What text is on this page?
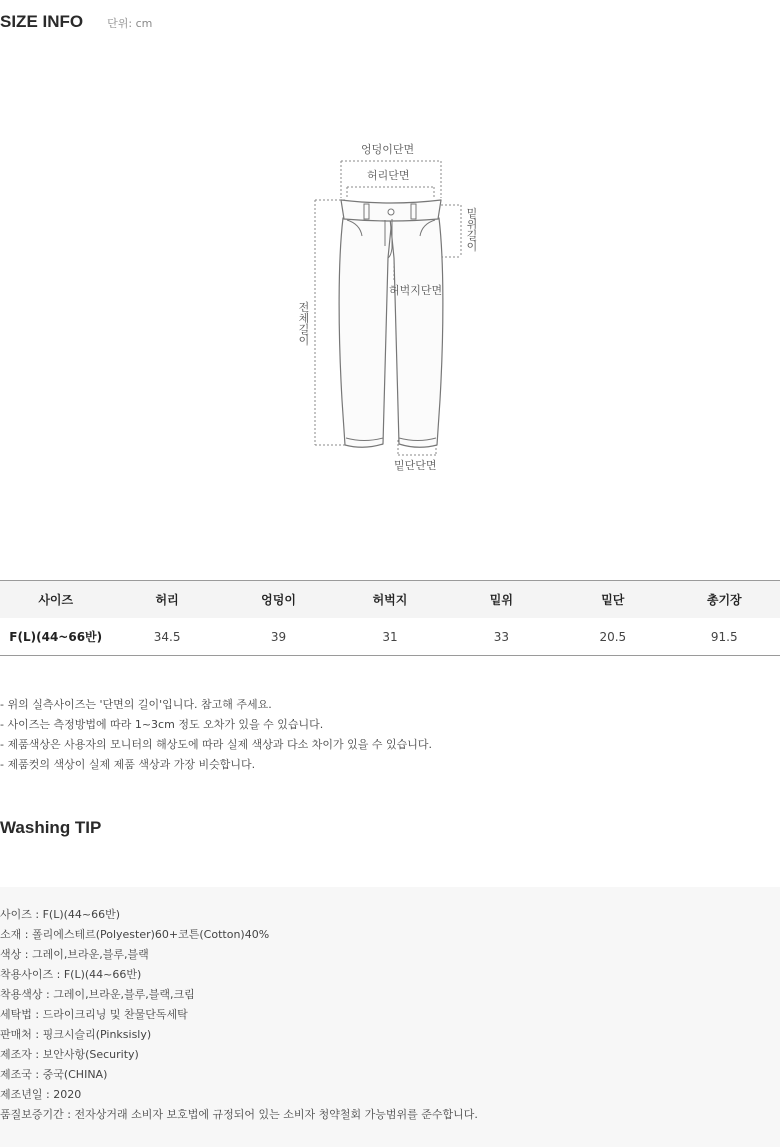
SIZE INFO 단위: cm
엉덩이단면
허리단면
밑위길이
전체길이
허벅지단면
밑단단면
사이즈	허리	엉덩이	허벅지	밑위	밑단	총기장
F(L)(44~66반)	34.5	39	31	33	20.5	91.5
- 위의 실측사이즈는 '단면의 길이'입니다. 참고해 주세요.
- 사이즈는 측정방법에 따라 1~3cm 정도 오차가 있을 수 있습니다.
- 제품색상은 사용자의 모니터의 해상도에 따라 실제 색상과 다소 차이가 있을 수 있습니다.
- 제품컷의 색상이 실제 제품 색상과 가장 비슷합니다.
Washing TIP
사이즈 : F(L)(44~66반)
소재 : 폴리에스테르(Polyester)60+코튼(Cotton)40%
색상 : 그레이,브라운,블루,블랙
착용사이즈 : F(L)(44~66반)
착용색상 : 그레이,브라운,블루,블랙,크림
세탁법 : 드라이크리닝 및 찬물단독세탁
판매처 : 핑크시슬리(Pinksisly)
제조자 : 보안사항(Security)
제조국 : 중국(CHINA)
제조년일 : 2020
품질보증기간 : 전자상거래 소비자 보호법에 규정되어 있는 소비자 청약철회 가능범위를 준수합니다.
